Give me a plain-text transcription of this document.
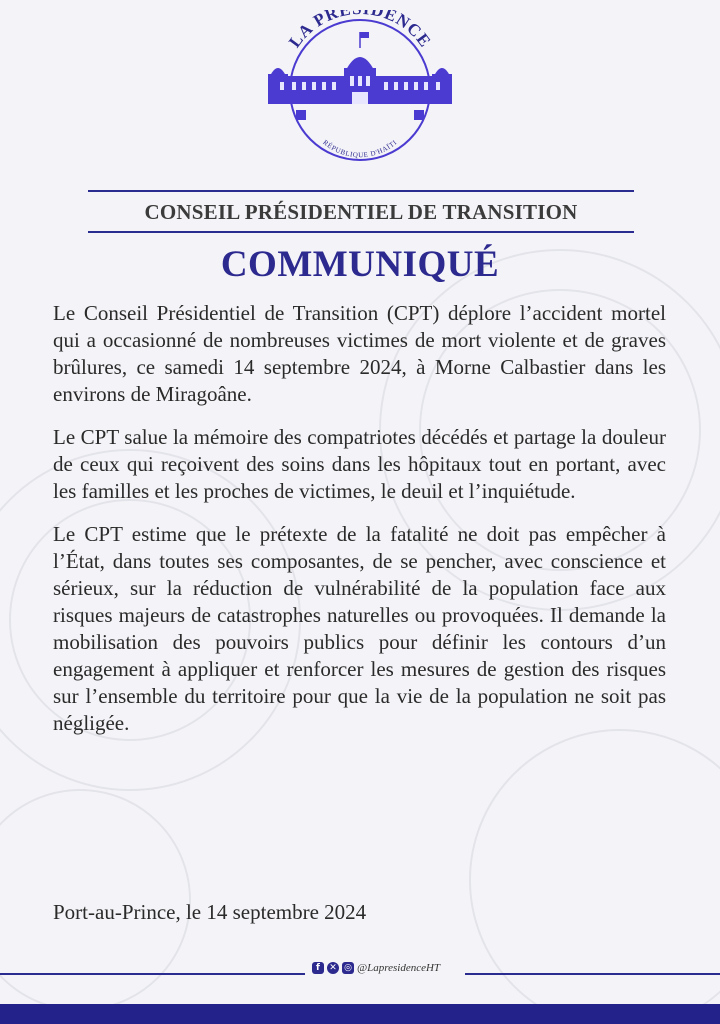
LA PR DENCE
RÉPUBLIQUE D'HAÏTI
CONSEIL PRÉSIDENTIEL DE TRANSITION
COMMUNIQUÉ

Le Conseil Présidentiel de Transition (CPT) déplore l’accident mortel qui a occasionné de nombreuses victimes de mort violente et de graves brûlures, ce samedi 14 septembre 2024, à Morne Calbastier dans les environs de Miragoâne.

Le CPT salue la mémoire des compatriotes décédés et partage la douleur de ceux qui reçoivent des soins dans les hôpitaux tout en portant, avec les familles et les proches de victimes, le deuil et l’inquiétude.

Le CPT estime que le prétexte de la fatalité ne doit pas empêcher à l’État, dans toutes ses composantes, de se pencher, avec conscience et sérieux, sur la réduction de vulnérabilité de la population face aux risques majeurs de catastrophes naturelles ou provoquées. Il demande la mobilisation des pouvoirs publics pour définir les contours d’un engagement à appliquer et renforcer les mesures de gestion des risques sur l’ensemble du territoire pour que la vie de la population ne soit pas négligée.

Port-au-Prince, le 14 septembre 2024
f	✕ ◎ @LapresidenceHT
